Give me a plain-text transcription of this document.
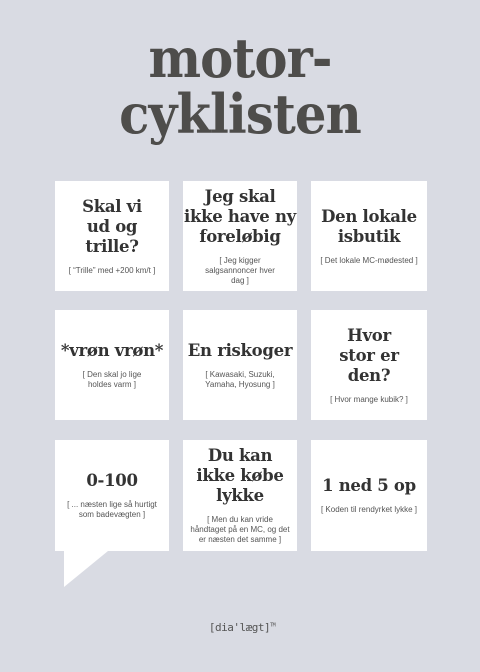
motor-
cyklisten
Skal vi ud og trille?
[ “Trille” med +200 km/t ]
Jeg skal ikke have ny foreløbig
[ Jeg kigger salgsannoncer hver dag ]
Den lokale isbutik
[ Det lokale MC-mødested ]
*vrøn vrøn*
[ Den skal jo lige holdes varm ]
En riskoger
[ Kawasaki, Suzuki, Yamaha, Hyosung ]
Hvor stor er den?
[ Hvor mange kubik? ]
0-100
[ ... næsten lige så hurtigt som badevægten ]
Du kan ikke købe lykke
[ Men du kan vride håndtaget på en MC, og det er næsten det samme ]
1 ned 5 op
[ Koden til rendyrket lykke ]
[dia'lægt]™
